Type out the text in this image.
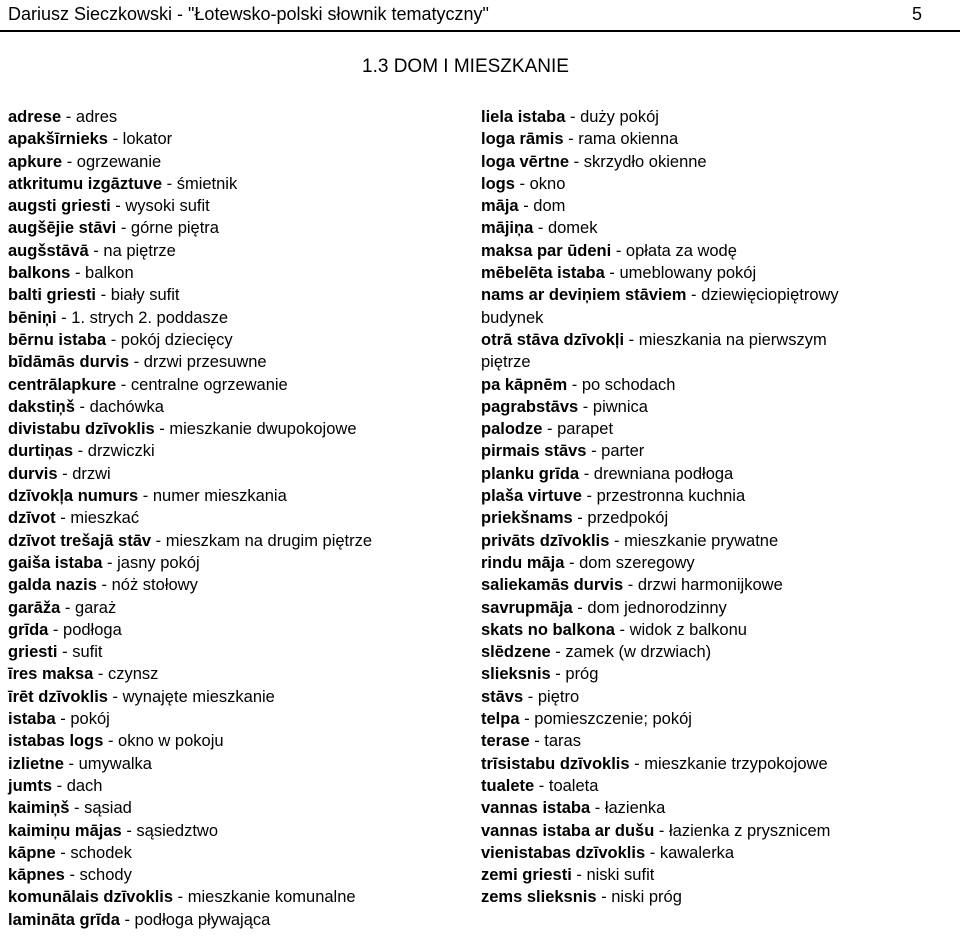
Dariusz Sieczkowski - "Łotewsko-polski słownik tematyczny"	5
1.3 DOM I MIESZKANIE
adrese - adres
apakšīrnieks - lokator
apkure - ogrzewanie
atkritumu izgāztuve - śmietnik
augsti griesti - wysoki sufit
augšējie stāvi - górne piętra
augšstāvā - na piętrze
balkons - balkon
balti griesti - biały sufit
bēniņi - 1. strych 2. poddasze
bērnu istaba - pokój dziecięcy
bīdāmās durvis - drzwi przesuwne
centrālapkure - centralne ogrzewanie
dakstiņš - dachówka
divistabu dzīvoklis - mieszkanie dwupokojowe
durtiņas - drzwiczki
durvis - drzwi
dzīvokļa numurs - numer mieszkania
dzīvot - mieszkać
dzīvot trešajā stāv - mieszkam na drugim piętrze
gaiša istaba - jasny pokój
galda nazis - nóż stołowy
garāža - garaż
grīda - podłoga
griesti - sufit
īres maksa - czynsz
īrēt dzīvoklis - wynajęte mieszkanie
istaba - pokój
istabas logs - okno w pokoju
izlietne - umywalka
jumts - dach
kaimiņš - sąsiad
kaimiņu mājas - sąsiedztwo
kāpne - schodek
kāpnes - schody
komunālais dzīvoklis - mieszkanie komunalne
lamināta grīda - podłoga pływająca
liela istaba - duży pokój
loga rāmis - rama okienna
loga vērtne - skrzydło okienne
logs - okno
māja - dom
mājiņa - domek
maksa par ūdeni - opłata za wodę
mēbelēta istaba - umeblowany pokój
nams ar deviņiem stāviem - dziewięciopiętrowy
budynek
otrā stāva dzīvokļi - mieszkania na pierwszym
piętrze
pa kāpnēm - po schodach
pagrabstāvs - piwnica
palodze - parapet
pirmais stāvs - parter
planku grīda - drewniana podłoga
plaša virtuve - przestronna kuchnia
priekšnams - przedpokój
privāts dzīvoklis - mieszkanie prywatne
rindu māja - dom szeregowy
saliekamās durvis - drzwi harmonijkowe
savrupmāja - dom jednorodzinny
skats no balkona - widok z balkonu
slēdzene - zamek (w drzwiach)
slieksnis - próg
stāvs - piętro
telpa - pomieszczenie; pokój
terase - taras
trīsistabu dzīvoklis - mieszkanie trzypokojowe
tualete - toaleta
vannas istaba - łazienka
vannas istaba ar dušu - łazienka z prysznicem
vienistabas dzīvoklis - kawalerka
zemi griesti - niski sufit
zems slieksnis - niski próg
